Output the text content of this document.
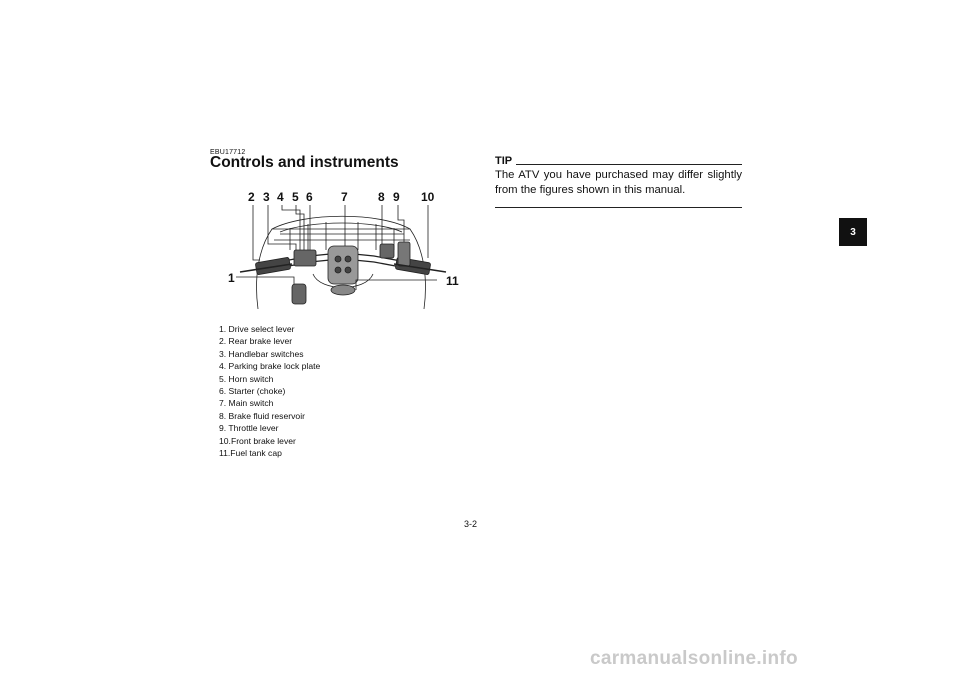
EBU17712
Controls and instruments
2 3 4 5 6 7	8 9 10
1	11
1. Drive select lever
2. Rear brake lever
3. Handlebar switches
4. Parking brake lock plate
5. Horn switch
6. Starter (choke)
7. Main switch
8. Brake fluid reservoir
9. Throttle lever
10.Front brake lever
11.Fuel tank cap
TIP

The ATV you have purchased may differ slightly from the figures shown in this manual.

3
3-2
carmanualsonline.info
